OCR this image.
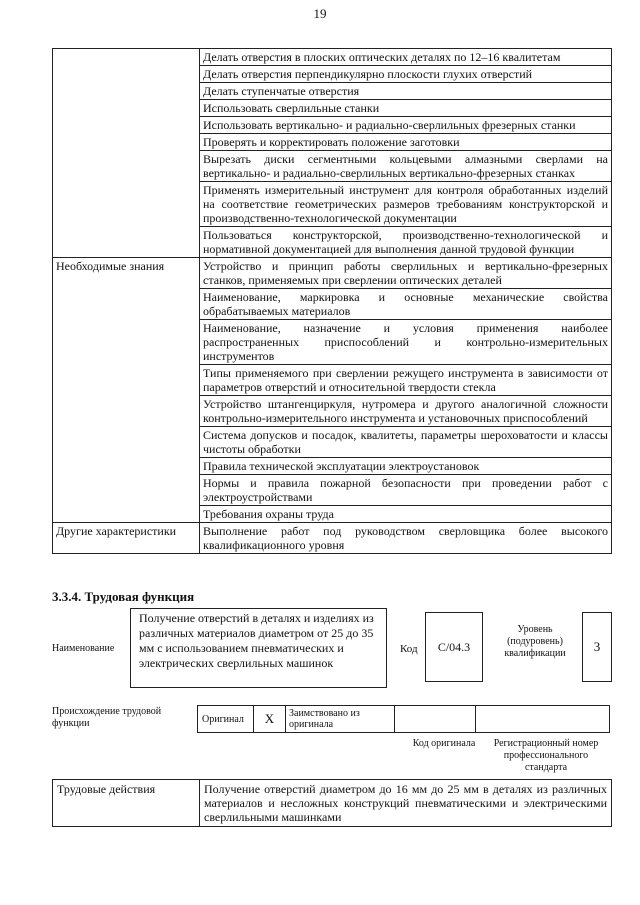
19
	Делать отверстия в плоских оптических деталях по 12–16 квалитетам
	Делать отверстия перпендикулярно плоскости глухих отверстий
	Делать ступенчатые отверстия
	Использовать сверлильные станки
	Использовать вертикально- и радиально-сверлильных фрезерных станки
	Проверять и корректировать положение заготовки
	Вырезать диски сегментными кольцевыми алмазными сверлами на вертикально- и радиально-сверлильных вертикально-фрезерных станках
	Применять измерительный инструмент для контроля обработанных изделий на соответствие геометрических размеров требованиям конструкторской и производственно-технологической документации
	Пользоваться конструкторской, производственно-технологической и нормативной документацией для выполнения данной трудовой функции
Необходимые знания	Устройство и принцип работы сверлильных и вертикально-фрезерных станков, применяемых при сверлении оптических деталей
	Наименование, маркировка и основные механические свойства обрабатываемых материалов
	Наименование, назначение и условия применения наиболее распространенных приспособлений и контрольно-измерительных инструментов
	Типы применяемого при сверлении режущего инструмента в зависимости от параметров отверстий и относительной твердости стекла
	Устройство штангенциркуля, нутромера и другого аналогичной сложности контрольно-измерительного инструмента и установочных приспособлений
	Система допусков и посадок, квалитеты, параметры шероховатости и классы чистоты обработки
	Правила технической эксплуатации электроустановок
	Нормы и правила пожарной безопасности при проведении работ с электроустройствами
	Требования охраны труда
Другие характеристики	Выполнение работ под руководством сверловщика более высокого квалификационного уровня
3.3.4. Трудовая функция
Наименование
Получение отверстий в деталях и изделиях из различных материалов диаметром от 25 до 35 мм с использованием пневматических и электрических сверлильных машинок
Код	C/04.3
Уровень (подуровень) квалификации	3
Происхождение трудовой функции	Оригинал	X	Заимствовано из оригинала
Код оригинала	Регистрационный номер профессионального стандарта
Трудовые действия	Получение отверстий диаметром до 16 мм до 25 мм в деталях из различных материалов и несложных конструкций пневматическими и электрическими сверлильными машинками
